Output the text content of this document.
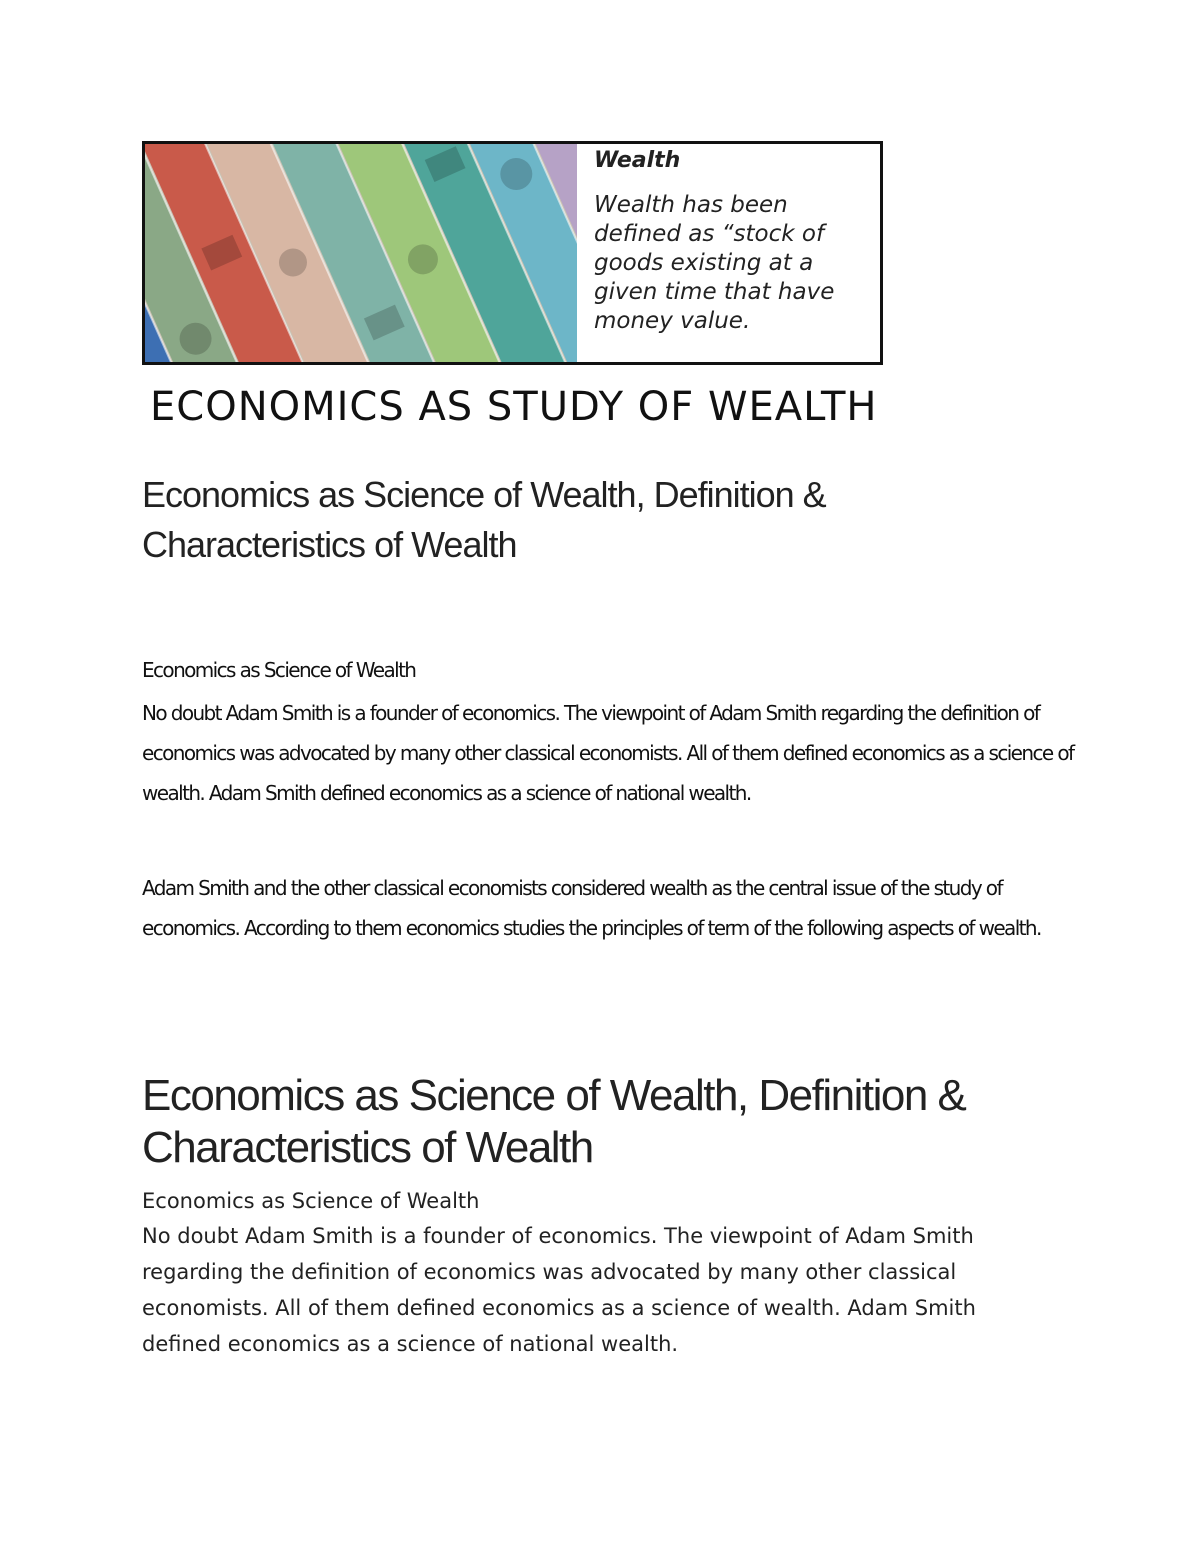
Wealth

Wealth has been defined as “stock of goods existing at a given time that have money value.

ECONOMICS AS STUDY OF WEALTH
Economics as Science of Wealth, Definition & Characteristics of Wealth

Economics as Science of Wealth

No doubt Adam Smith is a founder of economics. The viewpoint of Adam Smith regarding the definition of economics was advocated by many other classical economists. All of them defined economics as a science of wealth. Adam Smith defined economics as a science of national wealth.

Adam Smith and the other classical economists considered wealth as the central issue of the study of economics. According to them economics studies the principles of term of the following aspects of wealth.

Economics as Science of Wealth, Definition & Characteristics of Wealth

Economics as Science of Wealth

No doubt Adam Smith is a founder of economics. The viewpoint of Adam Smith regarding the definition of economics was advocated by many other classical economists. All of them defined economics as a science of wealth. Adam Smith defined economics as a science of national wealth.
